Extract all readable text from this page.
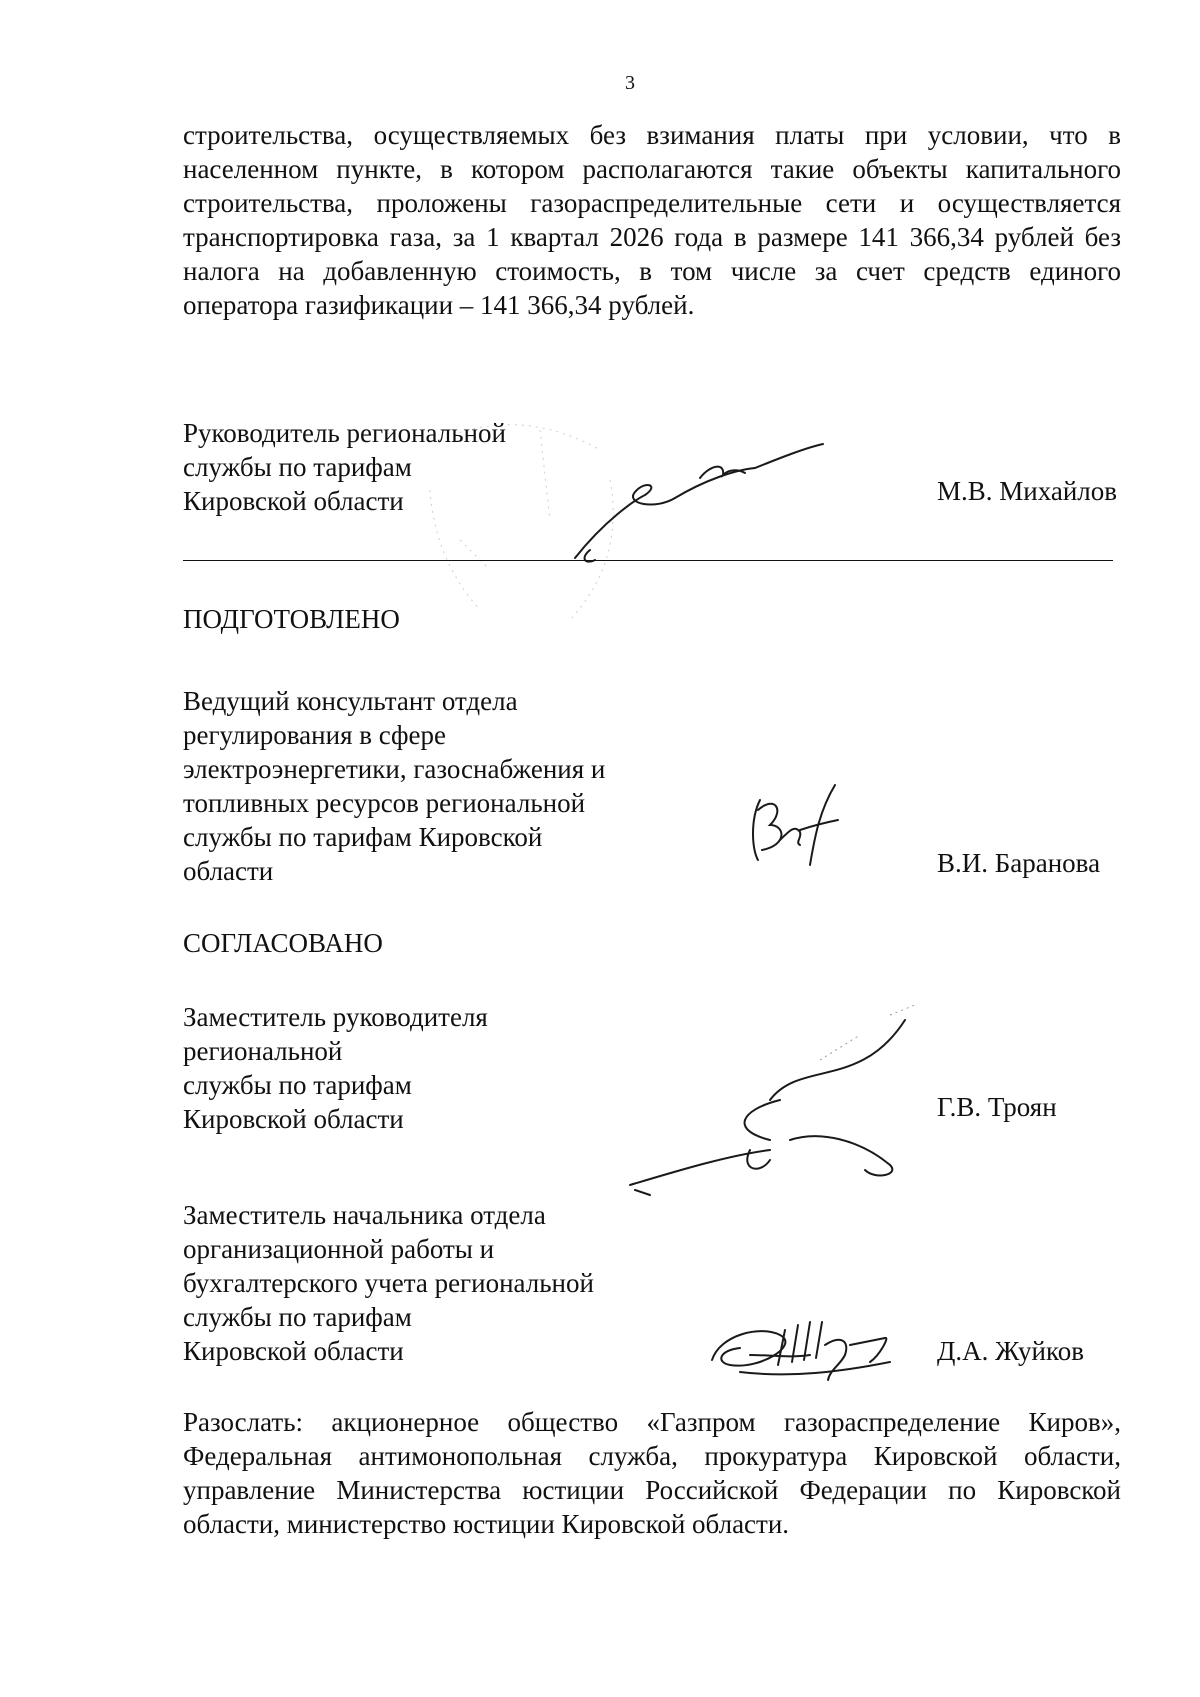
3

строительства, осуществляемых без взимания платы при условии, что в населенном пункте, в котором располагаются такие объекты капитального строительства, проложены газораспределительные сети и осуществляется транспортировка газа, за 1 квартал 2026 года в размере 141 366,34 рублей без налога на добавленную стоимость, в том числе за счет средств единого оператора газификации – 141 366,34 рублей.

Руководитель региональной
службы по тарифам
Кировской области	М.В. Михайлов
ПОДГОТОВЛЕНО
Ведущий консультант отдела
регулирования в сфере
электроэнергетики, газоснабжения и
топливных ресурсов региональной
службы по тарифам Кировской
области	В.И. Баранова
СОГЛАСОВАНО
Заместитель руководителя
региональной
службы по тарифам
Кировской области	Г.В. Троян
Заместитель начальника отдела
организационной работы и
бухгалтерского учета региональной
службы по тарифам
Кировской области	Д.А. Жуйков

Разослать: акционерное общество «Газпром газораспределение Киров», Федеральная антимонопольная служба, прокуратура Кировской области, управление Министерства юстиции Российской Федерации по Кировской области, министерство юстиции Кировской области.
